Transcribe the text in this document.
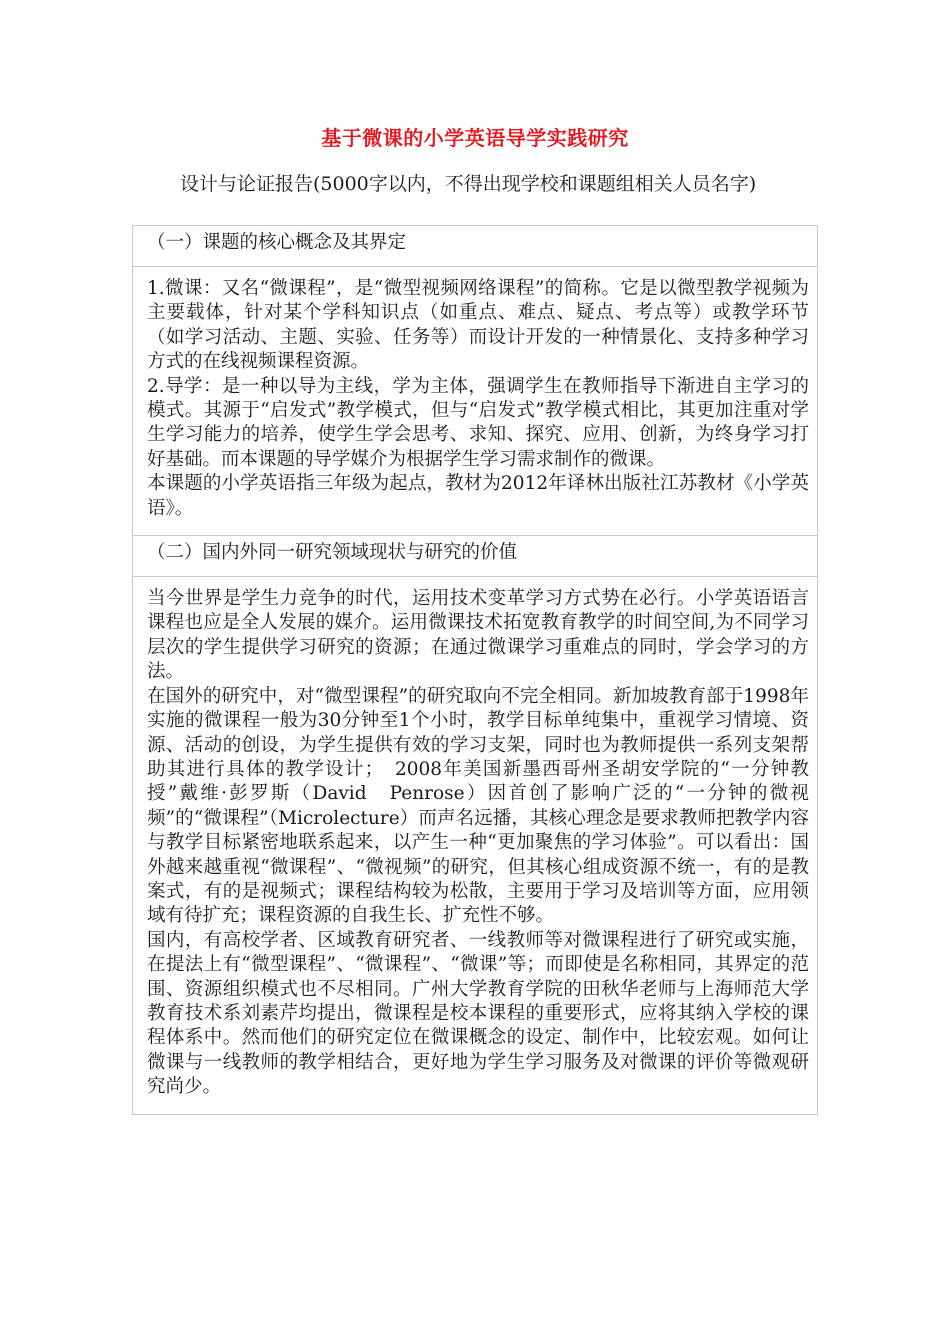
基于微课的小学英语导学实践研究
设计与论证报告(5000字以内，不得出现学校和课题组相关人员名字)
（一）课题的核心概念及其界定

1.微课：又名“微课程”，是“微型视频网络课程”的简称。它是以微型教学视频为主要载体，针对某个学科知识点（如重点、难点、疑点、考点等）或教学环节（如学习活动、主题、实验、任务等）而设计开发的一种情景化、支持多种学习方式的在线视频课程资源。

2.导学：是一种以导为主线，学为主体，强调学生在教师指导下渐进自主学习的模式。其源于“启发式”教学模式，但与“启发式”教学模式相比，其更加注重对学生学习能力的培养，使学生学会思考、求知、探究、应用、创新，为终身学习打好基础。而本课题的导学媒介为根据学生学习需求制作的微课。

本课题的小学英语指三年级为起点，教材为2012年译林出版社江苏教材《小学英语》。

（二）国内外同一研究领域现状与研究的价值

当今世界是学生力竞争的时代，运用技术变革学习方式势在必行。小学英语语言课程也应是全人发展的媒介。运用微课技术拓宽教育教学的时间空间,为不同学习层次的学生提供学习研究的资源；在通过微课学习重难点的同时，学会学习的方法。

在国外的研究中，对“微型课程”的研究取向不完全相同。新加坡教育部于1998年实施的微课程一般为30分钟至1个小时，教学目标单纯集中，重视学习情境、资源、活动的创设，为学生提供有效的学习支架，同时也为教师提供一系列支架帮助其进行具体的教学设计；　2008年美国新墨西哥州圣胡安学院的“一分钟教授”戴维·彭罗斯（David　Penrose）因首创了影响广泛的“一分钟的微视频”的“微课程”（Microlecture）而声名远播，其核心理念是要求教师把教学内容与教学目标紧密地联系起来，以产生一种“更加聚焦的学习体验”。可以看出：国外越来越重视“微课程”、“微视频”的研究，但其核心组成资源不统一，有的是教案式，有的是视频式；课程结构较为松散，主要用于学习及培训等方面，应用领域有待扩充；课程资源的自我生长、扩充性不够。

国内，有高校学者、区域教育研究者、一线教师等对微课程进行了研究或实施，在提法上有“微型课程”、“微课程”、“微课”等；而即使是名称相同，其界定的范围、资源组织模式也不尽相同。广州大学教育学院的田秋华老师与上海师范大学教育技术系刘素芹均提出，微课程是校本课程的重要形式，应将其纳入学校的课程体系中。然而他们的研究定位在微课概念的设定、制作中，比较宏观。如何让微课与一线教师的教学相结合，更好地为学生学习服务及对微课的评价等微观研究尚少。
